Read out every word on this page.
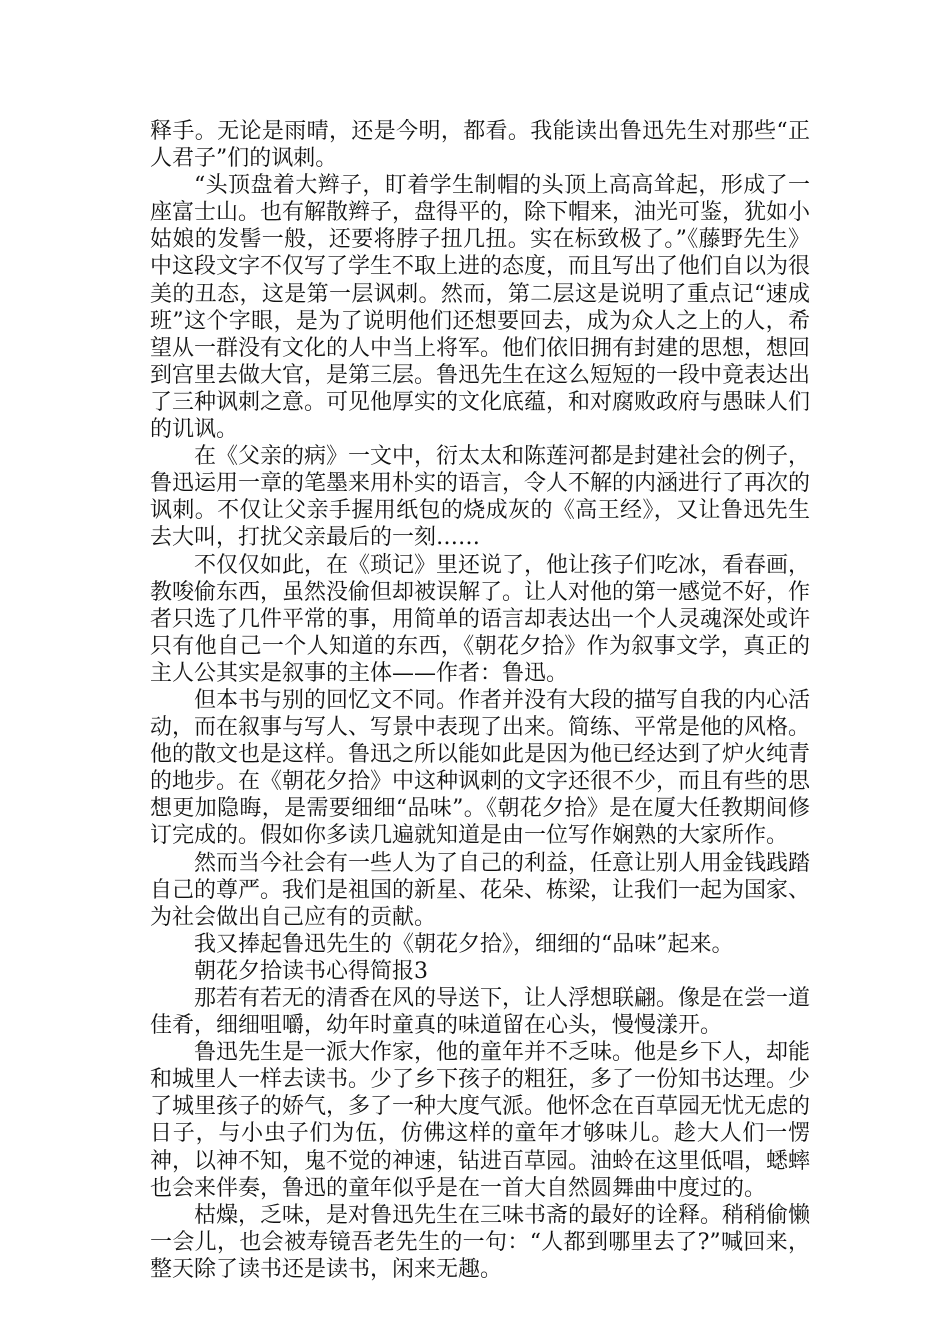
释手。无论是雨晴，还是今明，都看。我能读出鲁迅先生对那些“正人君子”们的讽刺。

“头顶盘着大辫子，盯着学生制帽的头顶上高高耸起，形成了一座富士山。也有解散辫子，盘得平的，除下帽来，油光可鉴，犹如小姑娘的发髻一般，还要将脖子扭几扭。实在标致极了。”《藤野先生》中这段文字不仅写了学生不取上进的态度，而且写出了他们自以为很美的丑态，这是第一层讽刺。然而，第二层这是说明了重点记“速成班”这个字眼，是为了说明他们还想要回去，成为众人之上的人，希望从一群没有文化的人中当上将军。他们依旧拥有封建的思想，想回到宫里去做大官，是第三层。鲁迅先生在这么短短的一段中竟表达出了三种讽刺之意。可见他厚实的文化底蕴，和对腐败政府与愚昧人们的讥讽。

在《父亲的病》一文中，衍太太和陈莲河都是封建社会的例子，鲁迅运用一章的笔墨来用朴实的语言，令人不解的内涵进行了再次的讽刺。不仅让父亲手握用纸包的烧成灰的《高王经》，又让鲁迅先生去大叫，打扰父亲最后的一刻……

不仅仅如此，在《琐记》里还说了，他让孩子们吃冰，看春画，教唆偷东西，虽然没偷但却被误解了。让人对他的第一感觉不好，作者只选了几件平常的事，用简单的语言却表达出一个人灵魂深处或许只有他自己一个人知道的东西，《朝花夕拾》作为叙事文学，真正的主人公其实是叙事的主体——作者：鲁迅。

但本书与别的回忆文不同。作者并没有大段的描写自我的内心活动，而在叙事与写人、写景中表现了出来。简练、平常是他的风格。他的散文也是这样。鲁迅之所以能如此是因为他已经达到了炉火纯青的地步。在《朝花夕拾》中这种讽刺的文字还很不少，而且有些的思想更加隐晦，是需要细细“品味”。《朝花夕拾》是在厦大任教期间修订完成的。假如你多读几遍就知道是由一位写作娴熟的大家所作。

然而当今社会有一些人为了自己的利益，任意让别人用金钱践踏自己的尊严。我们是祖国的新星、花朵、栋梁，让我们一起为国家、为社会做出自己应有的贡献。

我又捧起鲁迅先生的《朝花夕拾》，细细的“品味”起来。

朝花夕拾读书心得简报3

那若有若无的清香在风的导送下，让人浮想联翩。像是在尝一道佳肴，细细咀嚼，幼年时童真的味道留在心头，慢慢漾开。

鲁迅先生是一派大作家，他的童年并不乏味。他是乡下人，却能和城里人一样去读书。少了乡下孩子的粗狂，多了一份知书达理。少了城里孩子的娇气，多了一种大度气派。他怀念在百草园无忧无虑的日子，与小虫子们为伍，仿佛这样的童年才够味儿。趁大人们一愣神，以神不知，鬼不觉的神速，钻进百草园。油蛉在这里低唱，蟋蟀也会来伴奏，鲁迅的童年似乎是在一首大自然圆舞曲中度过的。

枯燥，乏味，是对鲁迅先生在三味书斋的最好的诠释。稍稍偷懒一会儿，也会被寿镜吾老先生的一句：“人都到哪里去了?”喊回来，整天除了读书还是读书，闲来无趣。
